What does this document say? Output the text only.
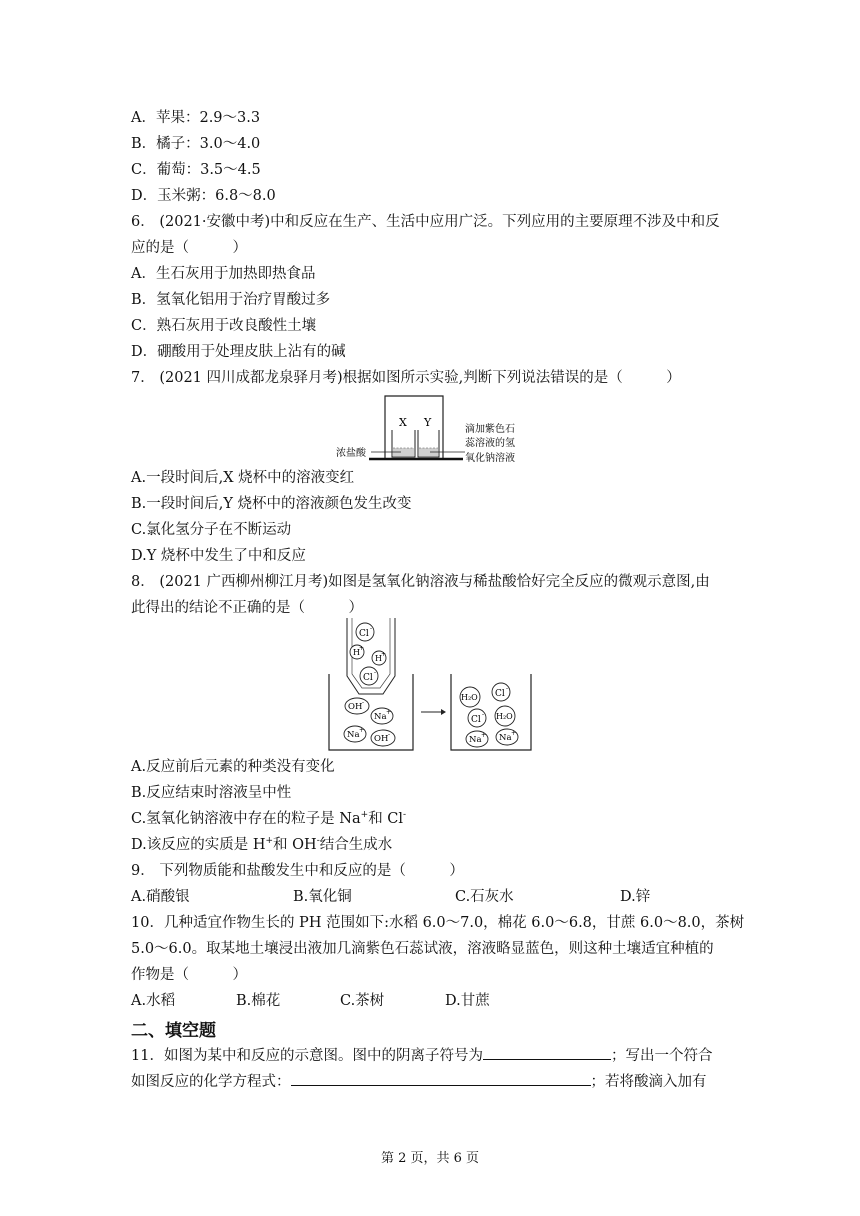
A．苹果：2.9～3.3
B．橘子：3.0～4.0
C．葡萄：3.5～4.5
D．玉米粥：6.8～8.0
6． (2021·安徽中考)中和反应在生产、生活中应用广泛。下列应用的主要原理不涉及中和反
应的是（　　　）
A．生石灰用于加热即热食品
B．氢氧化铝用于治疗胃酸过多
C．熟石灰用于改良酸性土壤
D．硼酸用于处理皮肤上沾有的碱
7． (2021 四川成都龙泉驿月考)根据如图所示实验,判断下列说法错误的是（　　　）
X Y
浓盐酸
滴加紫色石
蕊溶液的氢
氧化钠溶液
A.一段时间后,X 烧杯中的溶液变红
B.一段时间后,Y 烧杯中的溶液颜色发生改变
C.氯化氢分子在不断运动
D.Y 烧杯中发生了中和反应
8． (2021 广西柳州柳江月考)如图是氢氧化钠溶液与稀盐酸恰好完全反应的微观示意图,由
此得出的结论不正确的是（　　　）
Cl
-
H +
H +
Cl
-
OH -
Na +
Na +
OH -
H₂O Cl
-
Cl
- H₂O
Na + Na +
A.反应前后元素的种类没有变化
B.反应结束时溶液呈中性
C.氢氧化钠溶液中存在的粒子是 Na+和 Cl-
D.该反应的实质是 H+和 OH-结合生成水
9． 下列物质能和盐酸发生中和反应的是（　　　）
A.硝酸银	B.氧化铜	C.石灰水	D.锌
10．几种适宜作物生长的 PH 范围如下:水稻 6.0～7.0，棉花 6.0～6.8，甘蔗 6.0～8.0，茶树
5.0～6.0。取某地土壤浸出液加几滴紫色石蕊试液，溶液略显蓝色，则这种土壤适宜种植的
作物是（　　　）
A.水稻	B.棉花	C.茶树	D.甘蔗
二、填空题
11．如图为某中和反应的示意图。图中的阴离子符号为	；写出一个符合
如图反应的化学方程式：	；若将酸滴入加有
第 2 页，共 6 页
